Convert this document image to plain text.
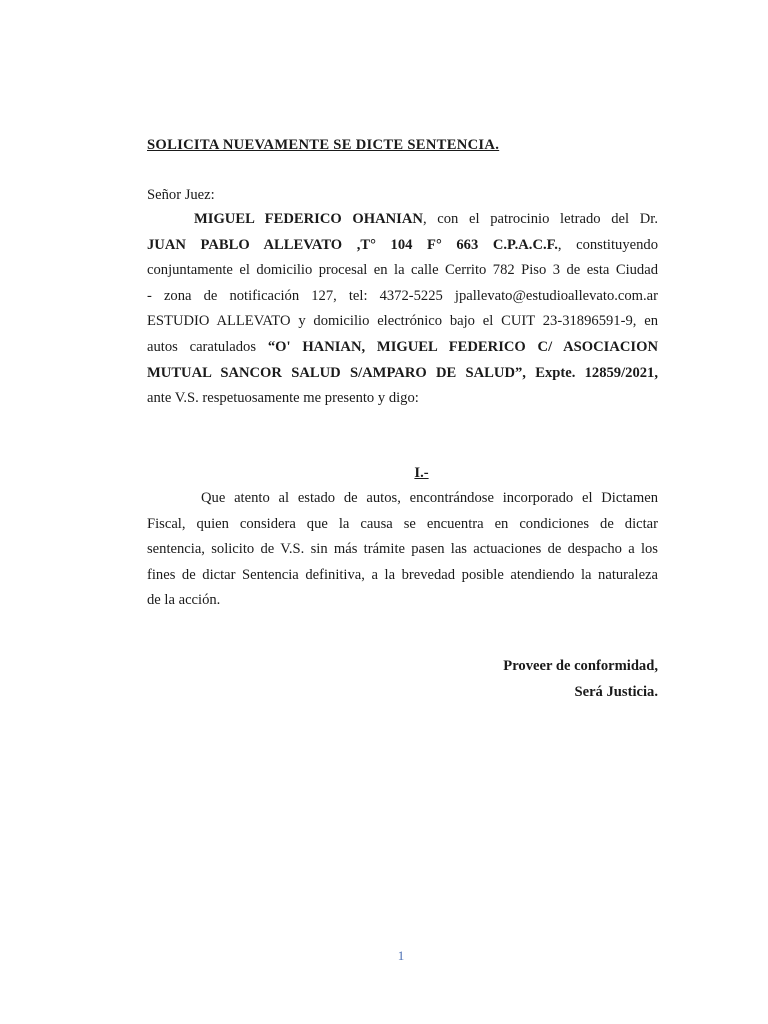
SOLICITA NUEVAMENTE SE DICTE SENTENCIA.
Señor Juez:
MIGUEL FEDERICO OHANIAN, con el patrocinio letrado del Dr.
JUAN PABLO ALLEVATO ,T° 104 F° 663 C.P.A.C.F., constituyendo
conjuntamente el domicilio procesal en la calle Cerrito 782 Piso 3 de esta Ciudad
- zona de notificación 127, tel: 4372-5225 jpallevato@estudioallevato.com.ar
ESTUDIO ALLEVATO y domicilio electrónico bajo el CUIT 23-31896591-9, en
autos caratulados “O' HANIAN, MIGUEL FEDERICO C/ ASOCIACION
MUTUAL SANCOR SALUD S/AMPARO DE SALUD”, Expte. 12859/2021,
ante V.S. respetuosamente me presento y digo:
I.-
Que atento al estado de autos, encontrándose incorporado el Dictamen
Fiscal, quien considera que la causa se encuentra en condiciones de dictar
sentencia, solicito de V.S. sin más trámite pasen las actuaciones de despacho a los
fines de dictar Sentencia definitiva, a la brevedad posible atendiendo la naturaleza
de la acción.
Proveer de conformidad,
Será Justicia.
1
